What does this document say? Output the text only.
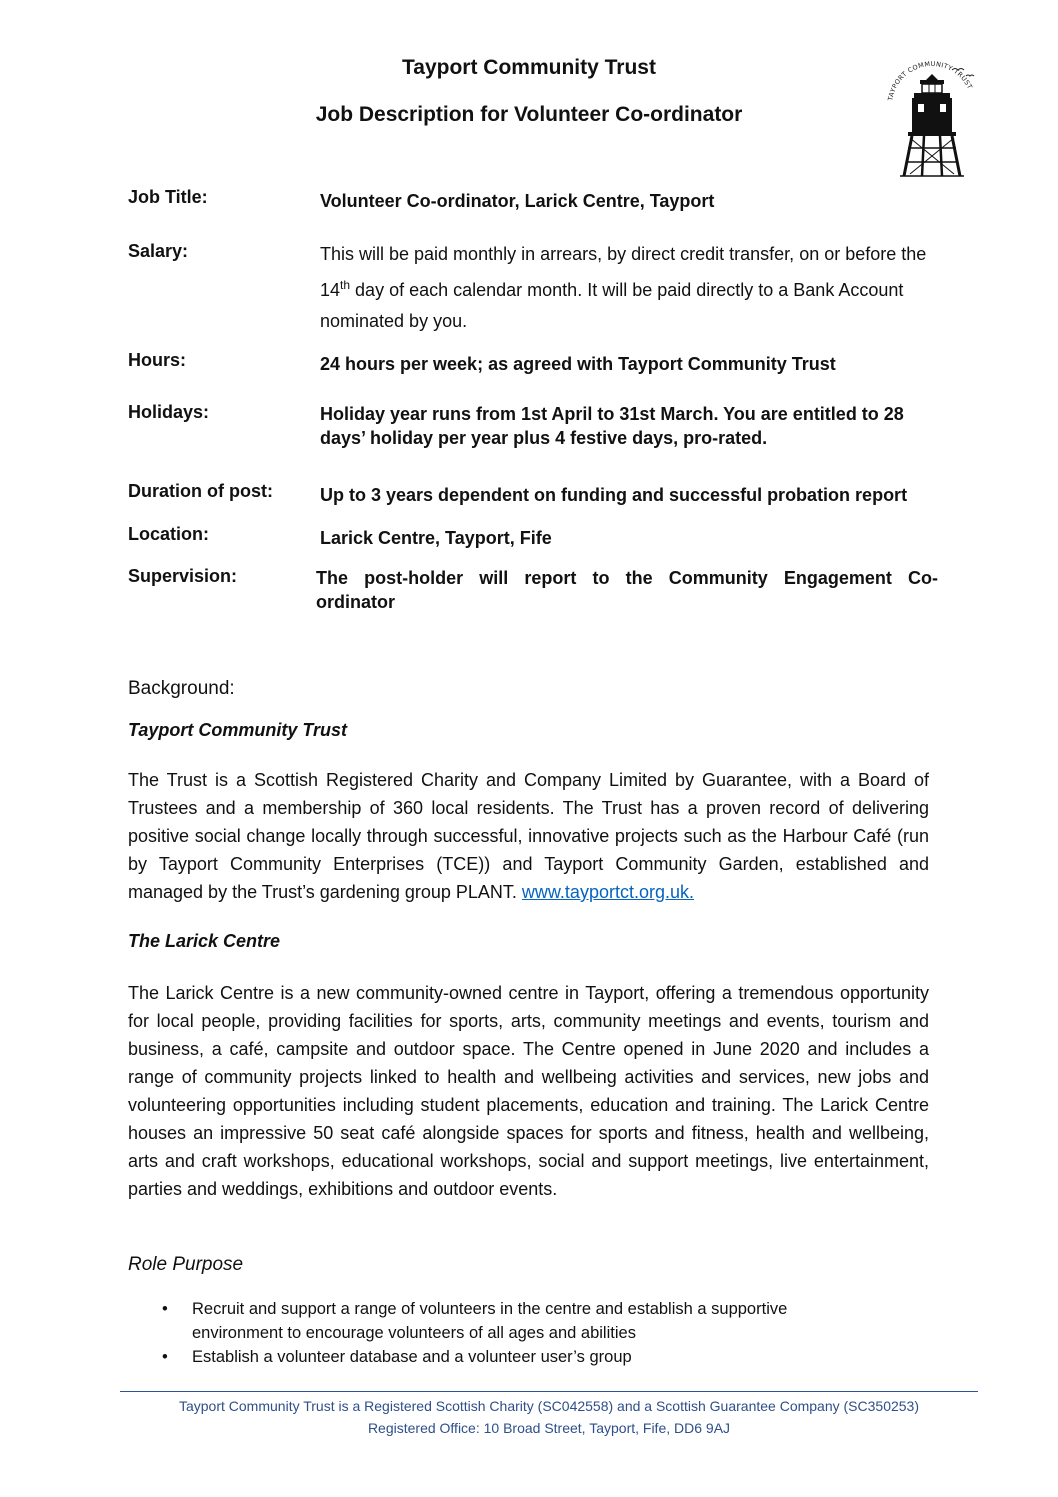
Tayport Community Trust
Job Description for Volunteer Co-ordinator
TAYPORT COMMUNITY TRUST
Job Title:	Volunteer Co-ordinator, Larick Centre, Tayport
Salary:	This will be paid monthly in arrears, by direct credit transfer, on or before the 14th day of each calendar month. It will be paid directly to a Bank Account nominated by you.
Hours:	24 hours per week; as agreed with Tayport Community Trust
Holidays:	Holiday year runs from 1st April to 31st March. You are entitled to 28 days’ holiday per year plus 4 festive days, pro-rated.
Duration of post:	Up to 3 years dependent on funding and successful probation report
Location:	Larick Centre, Tayport, Fife
Supervision:	The post-holder will report to the Community Engagement Co-ordinator
Background:
Tayport Community Trust
The Trust is a Scottish Registered Charity and Company Limited by Guarantee, with a Board of Trustees and a membership of 360 local residents. The Trust has a proven record of delivering positive social change locally through successful, innovative projects such as the Harbour Café (run by Tayport Community Enterprises (TCE)) and Tayport Community Garden, established and managed by the Trust’s gardening group PLANT. www.tayportct.org.uk.
The Larick Centre
The Larick Centre is a new community-owned centre in Tayport, offering a tremendous opportunity for local people, providing facilities for sports, arts, community meetings and events, tourism and business, a café, campsite and outdoor space. The Centre opened in June 2020 and includes a range of community projects linked to health and wellbeing activities and services, new jobs and volunteering opportunities including student placements, education and training. The Larick Centre houses an impressive 50 seat café alongside spaces for sports and fitness, health and wellbeing, arts and craft workshops, educational workshops, social and support meetings, live entertainment, parties and weddings, exhibitions and outdoor events.
Role Purpose
• Recruit and support a range of volunteers in the centre and establish a supportive environment to encourage volunteers of all ages and abilities
• Establish a volunteer database and a volunteer user’s group
Tayport Community Trust is a Registered Scottish Charity (SC042558) and a Scottish Guarantee Company (SC350253)
Registered Office: 10 Broad Street, Tayport, Fife, DD6 9AJ
